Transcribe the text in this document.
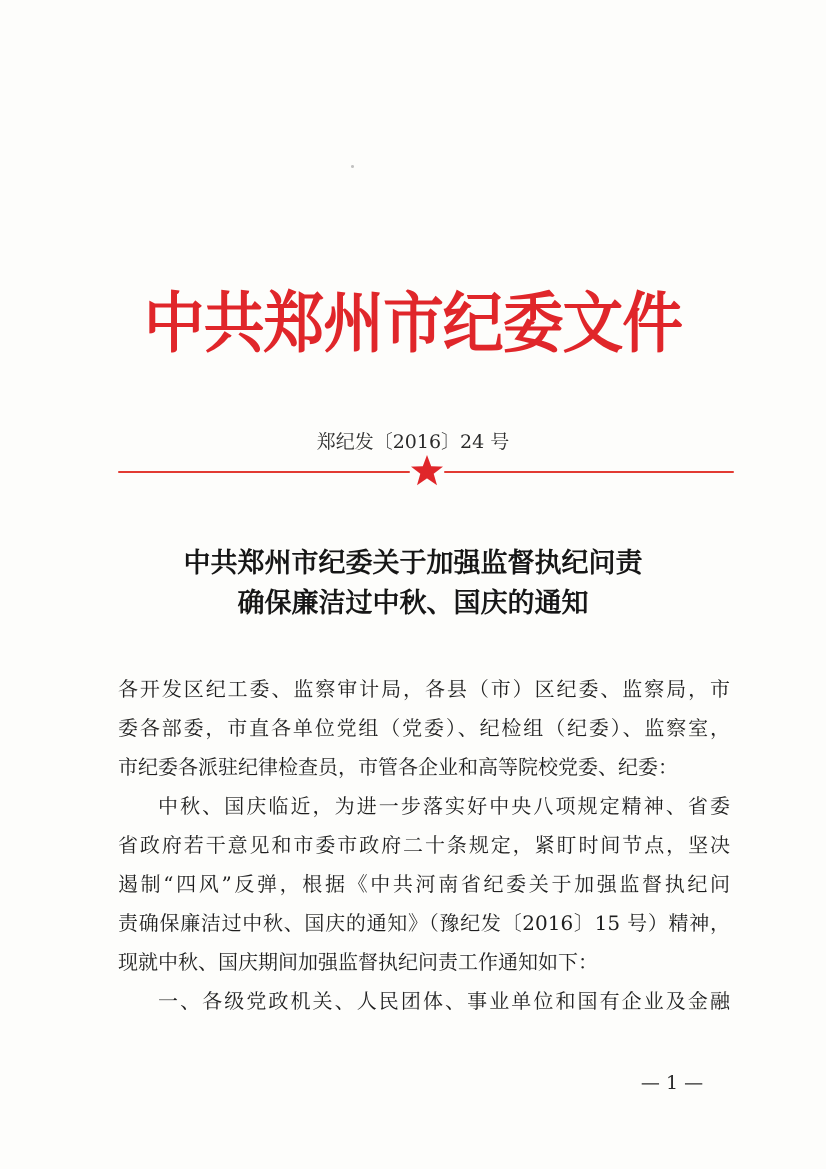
中共郑州市纪委文件
郑纪发〔2016〕24 号
中共郑州市纪委关于加强监督执纪问责
确保廉洁过中秋、国庆的通知
各开发区纪工委、监察审计局，各县（市）区纪委、监察局，市
委各部委，市直各单位党组（党委）、纪检组（纪委）、监察室，
市纪委各派驻纪律检查员，市管各企业和高等院校党委、纪委：
中秋、国庆临近，为进一步落实好中央八项规定精神、省委
省政府若干意见和市委市政府二十条规定，紧盯时间节点，坚决
遏制“四风”反弹，根据《中共河南省纪委关于加强监督执纪问
责确保廉洁过中秋、国庆的通知》（豫纪发〔2016〕15 号）精神，
现就中秋、国庆期间加强监督执纪问责工作通知如下：
一、各级党政机关、人民团体、事业单位和国有企业及金融
— 1 —
